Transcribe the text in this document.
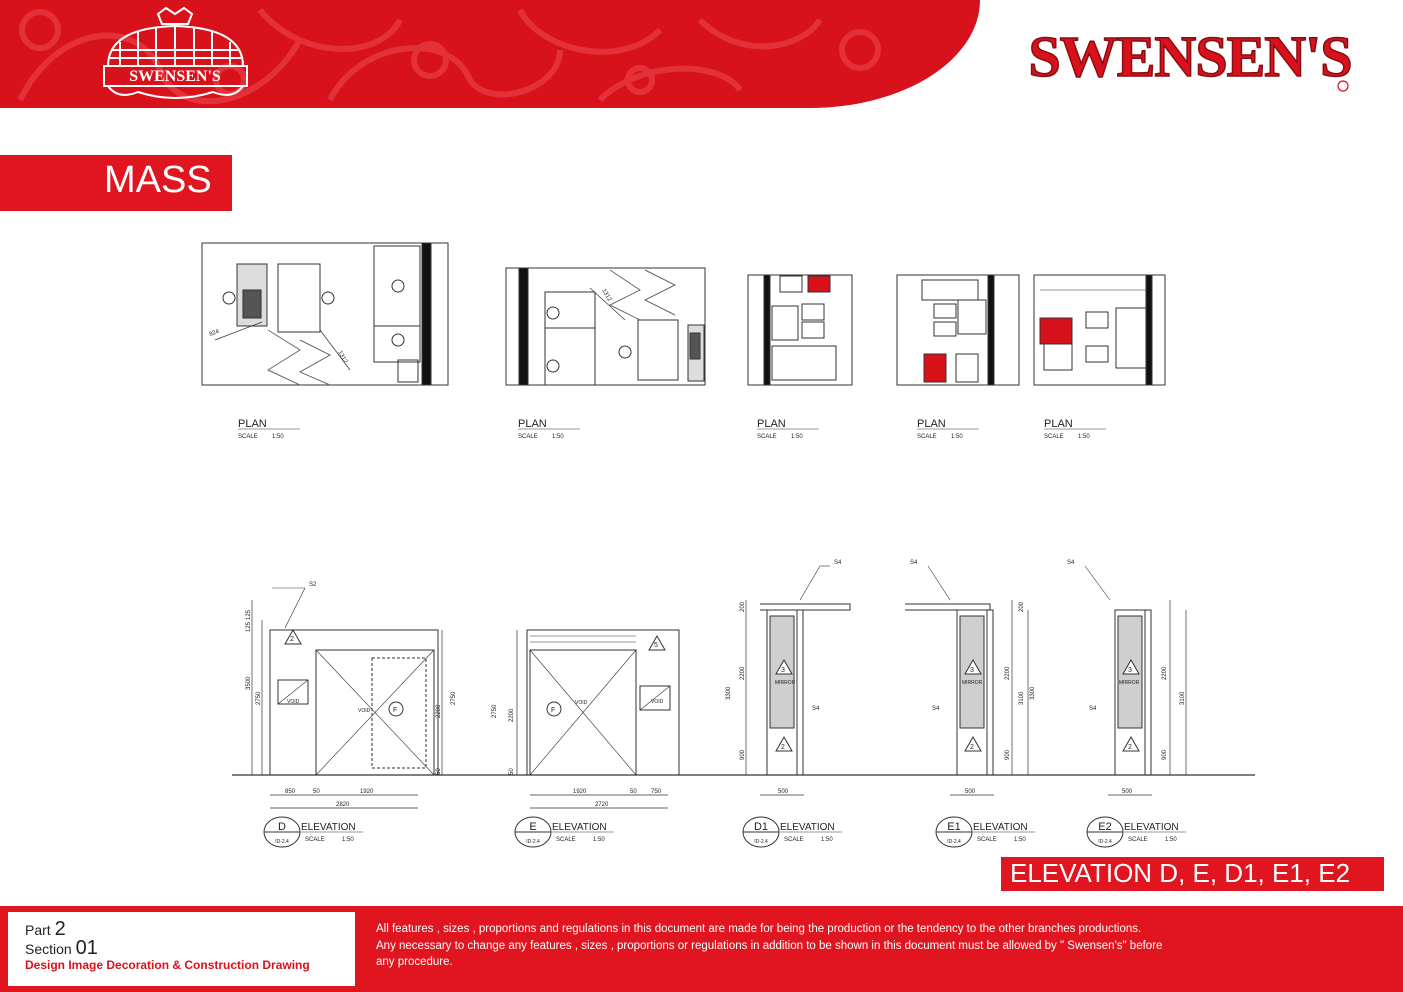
SWENSEN'S	SWENSEN'S
MASS
PLAN
SCALE 1:50
PLAN
SCALE 1:50
PLAN
SCALE 1:50
PLAN
SCALE 1:50
PLAN
SCALE 1:50
824
1312
1312
S2
3500
2750
125
125
2200
2750
50
850	50	1920
2820
2
F
VOID
VOID	2750 2200
50
1920	50 750
2720
5
F
VOID	VOID
S4
S4
MIRROR
3300
2200
900
200
500
3
2
S4
S4
MIRROR
2200
900
3100 3300
200
500
3
2
S4
S4
MIRROR
2200
900
3100
500
3
2
D
ID-2.4
ELEVATION
SCALE	1:50
E
ID-2.4
ELEVATION
SCALE	1:50
D1
ID-2.4
ELEVATION
SCALE	1:50
E1
ID-2.4
ELEVATION
SCALE	1:50
E2
ID-2.4
ELEVATION
SCALE	1:50
ELEVATION D, E, D1, E1, E2
Part 2
Section 01
Design Image Decoration & Construction Drawing
All features , sizes , proportions and regulations in this document are made for being the production or the tendency to the other branches productions.
Any necessary to change any features , sizes , proportions or regulations in addition to be shown in this document must be allowed by " Swensen's" before
any procedure.
